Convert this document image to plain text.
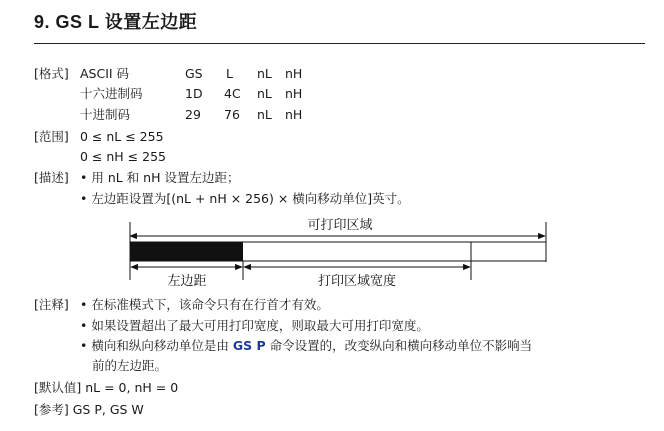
9. GS L 设置左边距
[格式] ASCII 码	GS L nL nH
十六进制码	1D 4C nL nH
十进制码	29 76 nL nH
[范围] 0 ≤ nL ≤ 255
0 ≤ nH ≤ 255
[描述] • 用 nL 和 nH 设置左边距；
• 左边距设置为[(nL + nH × 256) × 横向移动单位]英寸。
可打印区域
左边距	打印区域宽度
[注释] • 在标准模式下，该命令只有在行首才有效。
• 如果设置超出了最大可用打印宽度，则取最大可用打印宽度。
• 横向和纵向移动单位是由 GS P 命令设置的，改变纵向和横向移动单位不影响当
前的左边距。
[默认值] nL = 0, nH = 0
[参考] GS P, GS W
